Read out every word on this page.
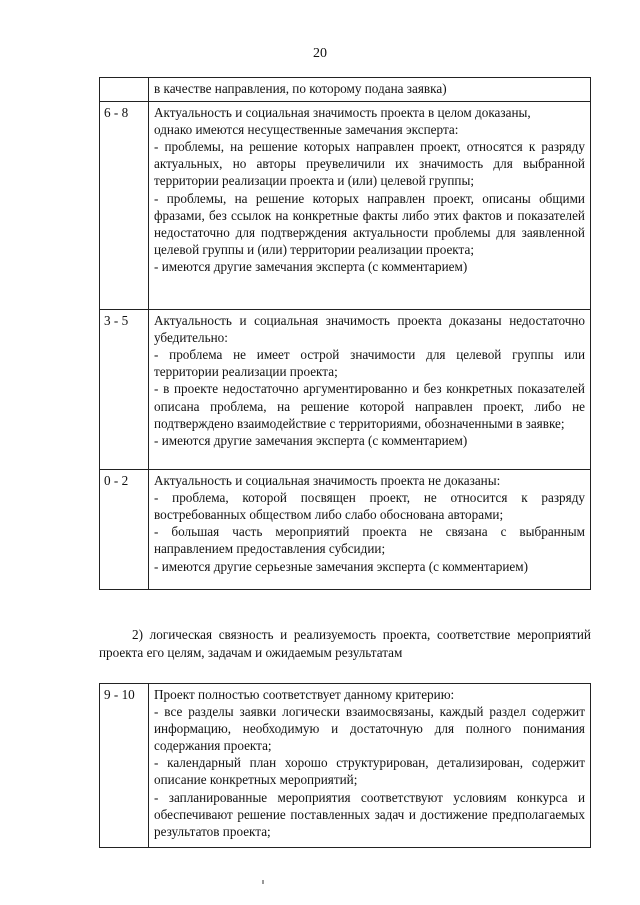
20

	в качестве направления, по которому подана заявка)

6 - 8	Актуальность и социальная значимость проекта в целом доказаны,
однако имеются несущественные замечания эксперта:
- проблемы, на решение которых направлен проект, относятся к разряду актуальных, но авторы преувеличили их значимость для выбранной территории реализации проекта и (или) целевой группы;
- проблемы, на решение которых направлен проект, описаны общими фразами, без ссылок на конкретные факты либо этих фактов и показателей недостаточно для подтверждения актуальности проблемы для заявленной целевой группы и (или) территории реализации проекта;
- имеются другие замечания эксперта (с комментарием)

3 - 5	Актуальность и социальная значимость проекта доказаны недостаточно убедительно:
- проблема не имеет острой значимости для целевой группы или территории реализации проекта;
- в проекте недостаточно аргументированно и без конкретных показателей описана проблема, на решение которой направлен проект, либо не подтверждено взаимодействие с территориями, обозначенными в заявке;
- имеются другие замечания эксперта (с комментарием)

0 - 2	Актуальность и социальная значимость проекта не доказаны:
- проблема, которой посвящен проект, не относится к разряду востребованных обществом либо слабо обоснована авторами;
- большая часть мероприятий проекта не связана с выбранным направлением предоставления субсидии;
- имеются другие серьезные замечания эксперта (с комментарием)
2) логическая связность и реализуемость проекта, соответствие мероприятий проекта его целям, задачам и ожидаемым результатам
9 - 10	Проект полностью соответствует данному критерию:
- все разделы заявки логически взаимосвязаны, каждый раздел содержит информацию, необходимую и достаточную для полного понимания содержания проекта;
- календарный план хорошо структурирован, детализирован, содержит описание конкретных мероприятий;
- запланированные мероприятия соответствуют условиям конкурса и обеспечивают решение поставленных задач и достижение предполагаемых результатов проекта;
